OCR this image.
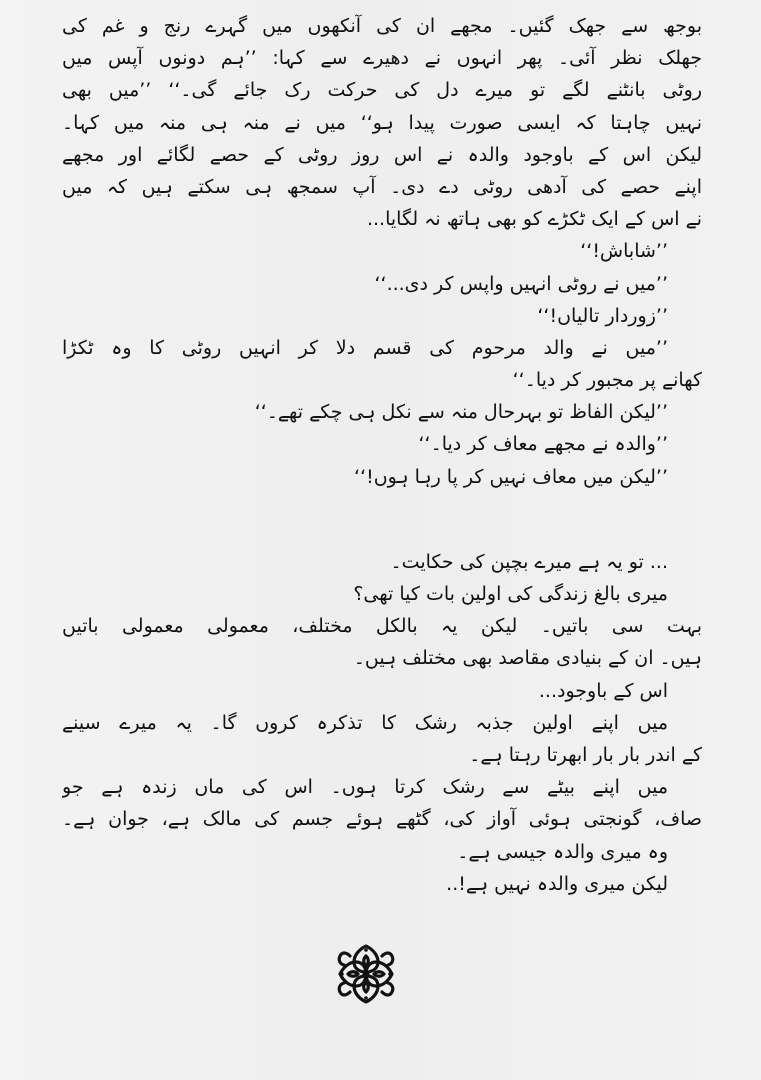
بوجھ سے جھک گئیں۔ مجھے ان کی آنکھوں میں گہرے رنج و غم کی
جھلک نظر آئی۔ پھر انہوں نے دھیرے سے کہا: ’’ہم دونوں آپس میں
روٹی بانٹنے لگے تو میرے دل کی حرکت رک جائے گی۔‘‘ ’’میں بھی
نہیں چاہتا کہ ایسی صورت پیدا ہو‘‘ میں نے منہ ہی منہ میں کہا۔
لیکن اس کے باوجود والدہ نے اس روز روٹی کے حصے لگائے اور مجھے
اپنے حصے کی آدھی روٹی دے دی۔ آپ سمجھ ہی سکتے ہیں کہ میں
نے اس کے ایک ٹکڑے کو بھی ہاتھ نہ لگایا...
’’شاباش!‘‘
’’میں نے روٹی انہیں واپس کر دی...‘‘
’’زوردار تالیاں!‘‘
’’میں نے والد مرحوم کی قسم دلا کر انہیں روٹی کا وہ ٹکڑا
کھانے پر مجبور کر دیا۔‘‘
’’لیکن الفاظ تو بہرحال منہ سے نکل ہی چکے تھے۔‘‘
’’والدہ نے مجھے معاف کر دیا۔‘‘
’’لیکن میں معاف نہیں کر پا رہا ہوں!‘‘
... تو یہ ہے میرے بچپن کی حکایت۔
میری بالغ زندگی کی اولین بات کیا تھی؟
بہت سی باتیں۔ لیکن یہ بالکل مختلف، معمولی معمولی باتیں
ہیں۔ ان کے بنیادی مقاصد بھی مختلف ہیں۔
اس کے باوجود...
میں اپنے اولین جذبہ رشک کا تذکرہ کروں گا۔ یہ میرے سینے
کے اندر بار بار ابھرتا رہتا ہے۔
میں اپنے بیٹے سے رشک کرتا ہوں۔ اس کی ماں زندہ ہے جو
صاف، گونجتی ہوئی آواز کی، گٹھے ہوئے جسم کی مالک ہے، جوان ہے۔
وہ میری والدہ جیسی ہے۔
لیکن میری والدہ نہیں ہے!..
